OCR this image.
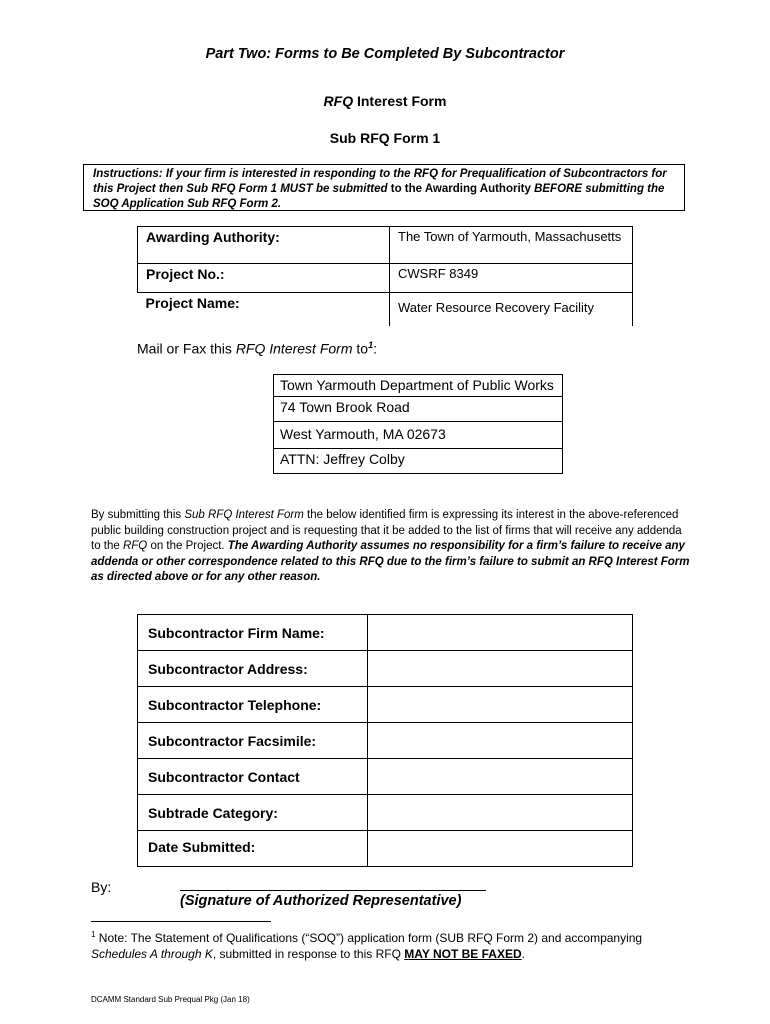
Part Two: Forms to Be Completed By Subcontractor
RFQ Interest Form
Sub RFQ Form 1
Instructions: If your firm is interested in responding to the RFQ for Prequalification of Subcontractors for this Project then Sub RFQ Form 1 MUST be submitted to the Awarding Authority BEFORE submitting the SOQ Application Sub RFQ Form 2.
Awarding Authority:	The Town of Yarmouth, Massachusetts
Project No.:	CWSRF 8349
Project Name:	Water Resource Recovery Facility
Mail or Fax this RFQ Interest Form $to^1$:
Town Yarmouth Department of Public Works
74 Town Brook Road
West Yarmouth, MA 02673
ATTN: Jeffrey Colby
By submitting this Sub RFQ Interest Form the below identified firm is expressing its interest in the above-referenced public building construction project and is requesting that it be added to the list of firms that will receive any addenda to the RFQ on the Project. The Awarding Authority assumes no responsibility for a firm’s failure to receive any addenda or other correspondence related to this RFQ due to the firm’s failure to submit an RFQ Interest Form as directed above or for any other reason.
Subcontractor Firm Name:	
Subcontractor Address:	
Subcontractor Telephone:	
Subcontractor Facsimile:	
Subcontractor Contact	
Subtrade Category:	
Date Submitted:	
By:
(Signature of Authorized Representative)
$^1$ Note: The Statement of Qualifications (“SOQ”) application form (SUB RFQ Form 2) and accompanying Schedules A through K, submitted in response to this RFQ MAY NOT BE FAXED.
DCAMM Standard Sub Prequal Pkg (Jan 18)
